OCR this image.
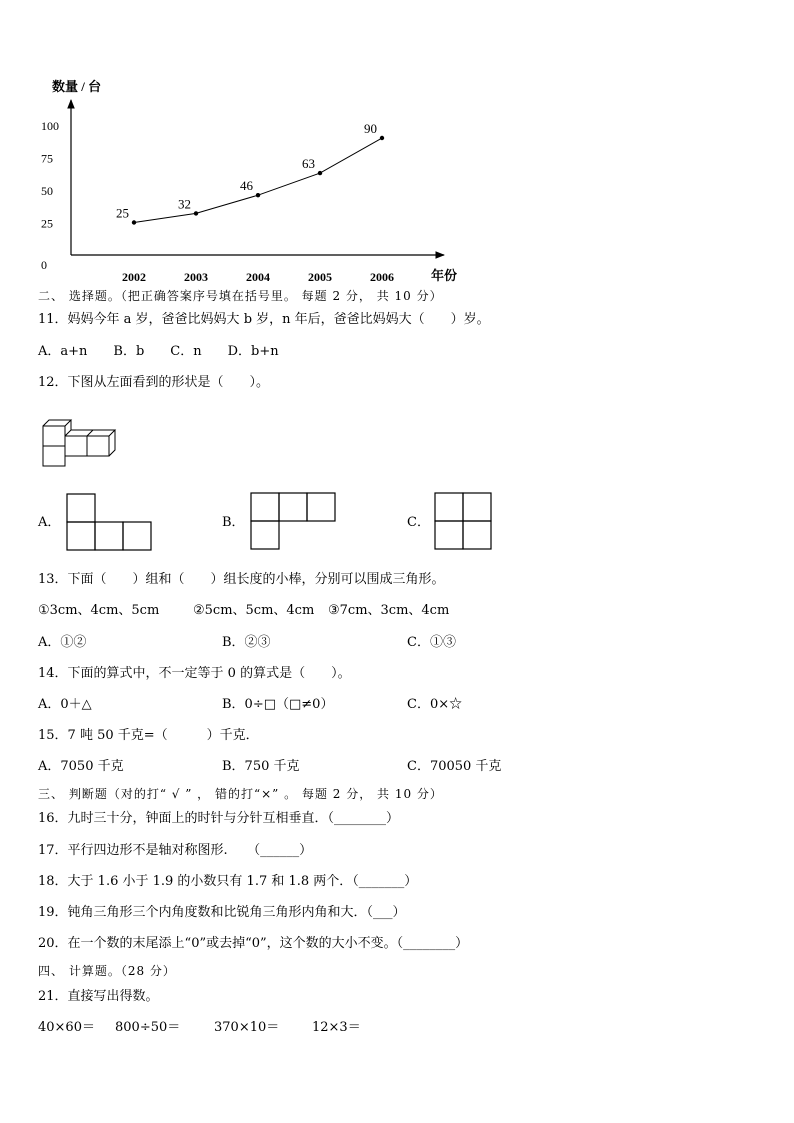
数量 / 台
100
75
50
25
0
2002	2003	2004	2005	2006
25
32
46
63
90
年份
二、 选择题。（把正确答案序号填在括号里。 每题 2 分， 共 10 分）
11．妈妈今年 a 岁，爸爸比妈妈大 b 岁，n 年后，爸爸比妈妈大（　　）岁。
A．a+n　　B．b　　C．n　　D．b+n
12．下图从左面看到的形状是（　　）。
A．	B．	C．
13．下面（　　）组和（　　）组长度的小棒，分别可以围成三角形。
①3cm、4cm、5cm	②5cm、5cm、4cm ③7cm、3cm、4cm
A．①②	B．②③	C．①③
14．下面的算式中，不一定等于 0 的算式是（　　）。
A．0＋△	B．0÷□（□≠0）	C．0×☆
15．7 吨 50 千克=（　　　）千克．
A．7050 千克	B．750 千克	C．70050 千克
三、 判断题（对的打“ √ ” ， 错的打“×” 。 每题 2 分， 共 10 分）
16．九时三十分，钟面上的时针与分针互相垂直．（________）
17．平行四边形不是轴对称图形.　　（______）
18．大于 1.6 小于 1.9 的小数只有 1.7 和 1.8 两个．（_______）
19．钝角三角形三个内角度数和比锐角三角形内角和大．（___）
20．在一个数的末尾添上“0”或去掉“0”，这个数的大小不变。（________）
四、 计算题。（28 分）
21．直接写出得数。
40×60＝ 800÷50＝	370×10＝	12×3＝
